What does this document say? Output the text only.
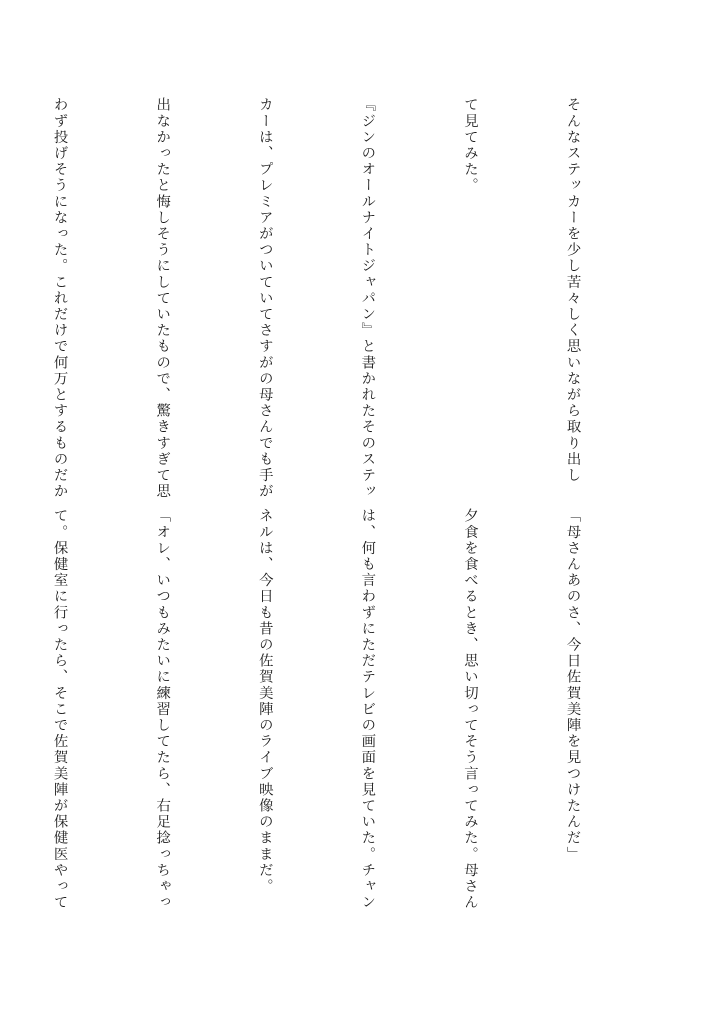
そんなステッカーを少し苦々しく思いながら取り出し

て見てみた。

『ジンのオールナイトジャパン』と書かれたそのステッ

カーは、プレミアがついていてさすがの母さんでも手が

出なかったと悔しそうにしていたもので、驚きすぎて思

わず投げそうになった。これだけで何万とするものだか

「母さんあのさ、今日佐賀美陣を見つけたんだ」

夕食を食べるとき、思い切ってそう言ってみた。母さん

は、何も言わずにただテレビの画面を見ていた。チャン

ネルは、今日も昔の佐賀美陣のライブ映像のままだ。

「オレ、いつもみたいに練習してたら、右足捻っちゃっ

て。保健室に行ったら、そこで佐賀美陣が保健医やって
